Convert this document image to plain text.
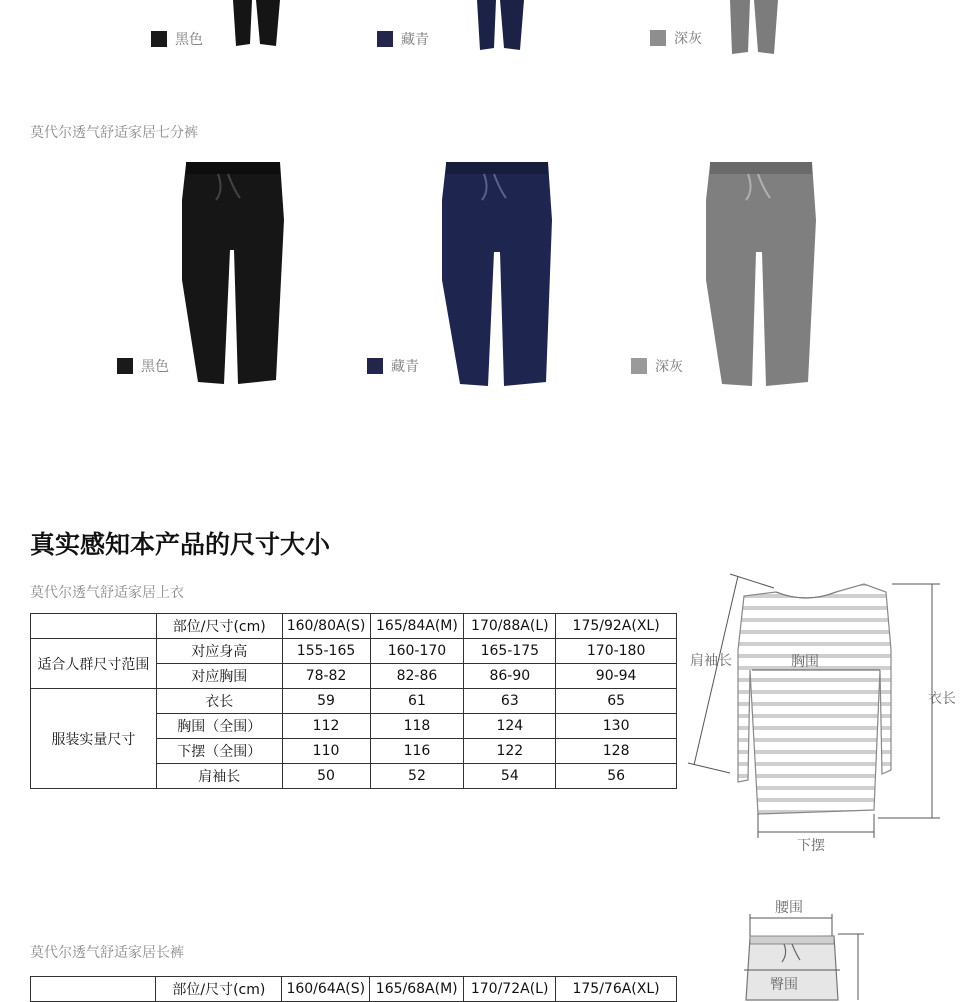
黑色	藏青	深灰
莫代尔透气舒适家居七分裤
黑色	藏青	深灰
真实感知本产品的尺寸大小
莫代尔透气舒适家居上衣
	部位/尺寸(cm)	160/80A(S)	165/84A(M)	170/88A(L)	175/92A(XL)
适合人群尺寸范围	对应身高	155-165	160-170	165-175	170-180
	对应胸围	78-82	82-86	86-90	90-94
服装实量尺寸	衣长	59	61	63	65
	胸围（全围）	112	118	124	130
	下摆（全围）	110	116	122	128
	肩袖长	50	52	54	56
肩袖长	胸围
衣长
下摆
莫代尔透气舒适家居长裤
	部位/尺寸(cm)	160/64A(S)	165/68A(M)	170/72A(L)	175/76A(XL)
腰围
臀围
